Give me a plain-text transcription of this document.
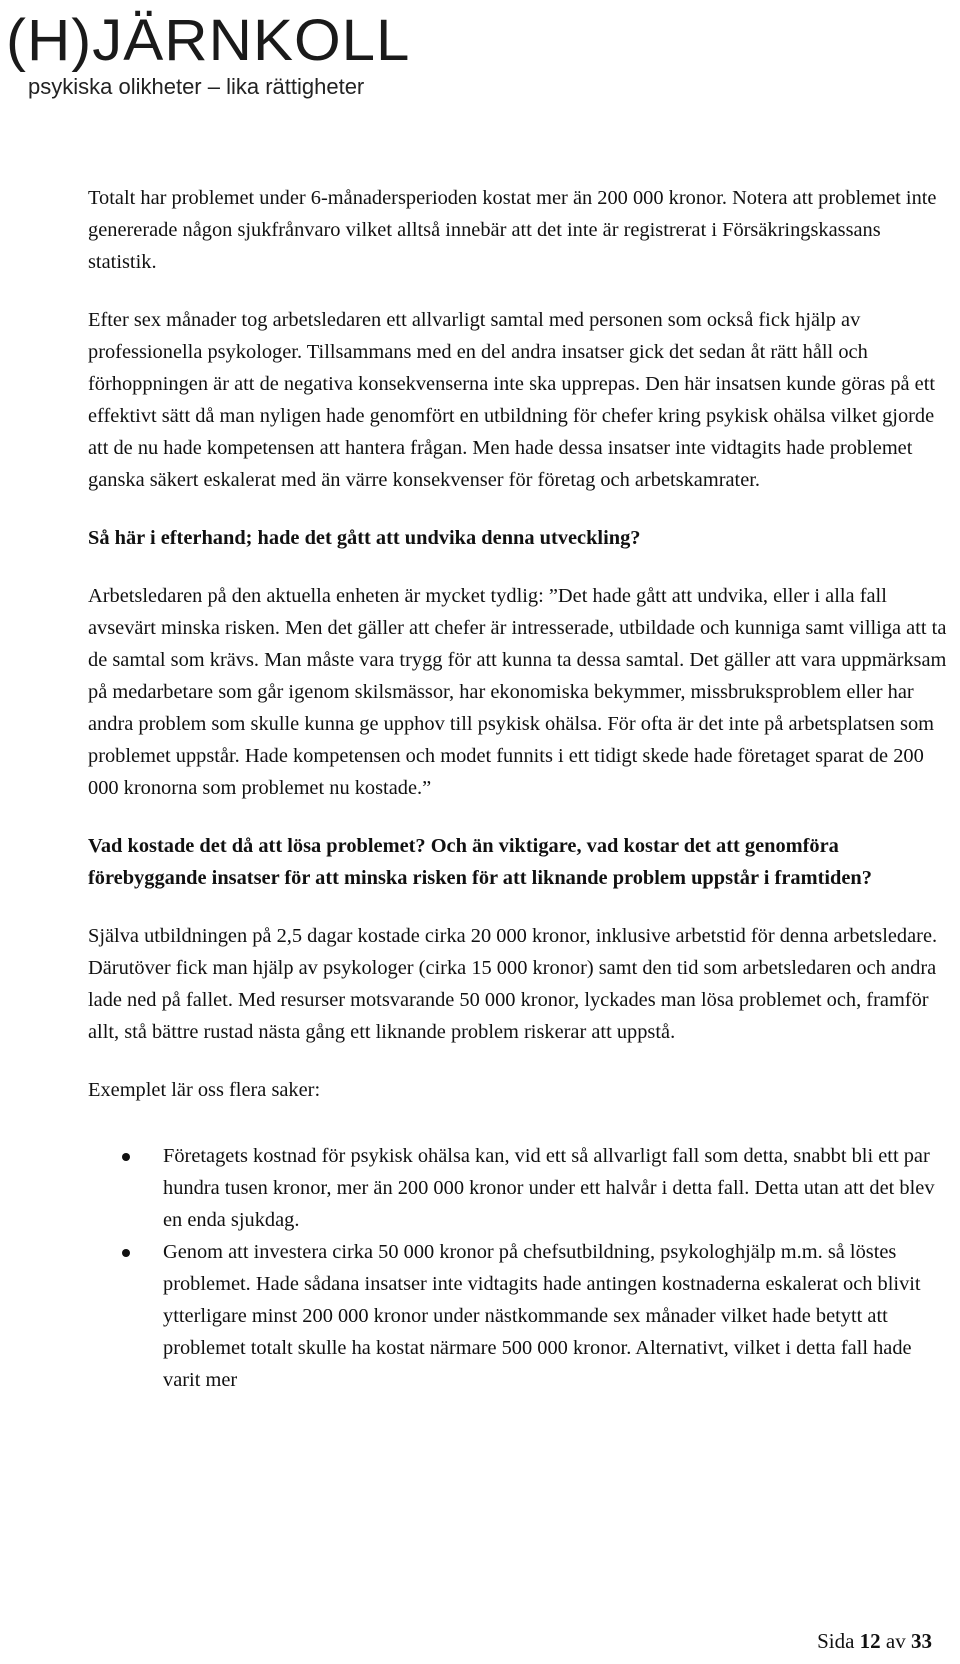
(H)JÄRNKOLL
psykiska olikheter – lika rättigheter

Totalt har problemet under 6-månadersperioden kostat mer än 200 000 kronor. Notera att problemet inte genererade någon sjukfrånvaro vilket alltså innebär att det inte är registrerat i Försäkringskassans statistik.

Efter sex månader tog arbetsledaren ett allvarligt samtal med personen som också fick hjälp av professionella psykologer. Tillsammans med en del andra insatser gick det sedan åt rätt håll och förhoppningen är att de negativa konsekvenserna inte ska upprepas. Den här insatsen kunde göras på ett effektivt sätt då man nyligen hade genomfört en utbildning för chefer kring psykisk ohälsa vilket gjorde att de nu hade kompetensen att hantera frågan. Men hade dessa insatser inte vidtagits hade problemet ganska säkert eskalerat med än värre konsekvenser för företag och arbetskamrater.

Så här i efterhand; hade det gått att undvika denna utveckling?

Arbetsledaren på den aktuella enheten är mycket tydlig: ”Det hade gått att undvika, eller i alla fall avsevärt minska risken. Men det gäller att chefer är intresserade, utbildade och kunniga samt villiga att ta de samtal som krävs. Man måste vara trygg för att kunna ta dessa samtal. Det gäller att vara uppmärksam på medarbetare som går igenom skilsmässor, har ekonomiska bekymmer, missbruksproblem eller har andra problem som skulle kunna ge upphov till psykisk ohälsa. För ofta är det inte på arbetsplatsen som problemet uppstår. Hade kompetensen och modet funnits i ett tidigt skede hade företaget sparat de 200 000 kronorna som problemet nu kostade.”

Vad kostade det då att lösa problemet? Och än viktigare, vad kostar det att genomföra förebyggande insatser för att minska risken för att liknande problem uppstår i framtiden?

Själva utbildningen på 2,5 dagar kostade cirka 20 000 kronor, inklusive arbetstid för denna arbetsledare. Därutöver fick man hjälp av psykologer (cirka 15 000 kronor) samt den tid som arbetsledaren och andra lade ned på fallet. Med resurser motsvarande 50 000 kronor, lyckades man lösa problemet och, framför allt, stå bättre rustad nästa gång ett liknande problem riskerar att uppstå.

Exemplet lär oss flera saker:

Företagets kostnad för psykisk ohälsa kan, vid ett så allvarligt fall som detta, snabbt bli ett par hundra tusen kronor, mer än 200 000 kronor under ett halvår i detta fall. Detta utan att det blev en enda sjukdag.
Genom att investera cirka 50 000 kronor på chefsutbildning, psykologhjälp m.m. så löstes problemet. Hade sådana insatser inte vidtagits hade antingen kostnaderna eskalerat och blivit ytterligare minst 200 000 kronor under nästkommande sex månader vilket hade betytt att problemet totalt skulle ha kostat närmare 500 000 kronor. Alternativt, vilket i detta fall hade varit mer
Sida 12 av 33
